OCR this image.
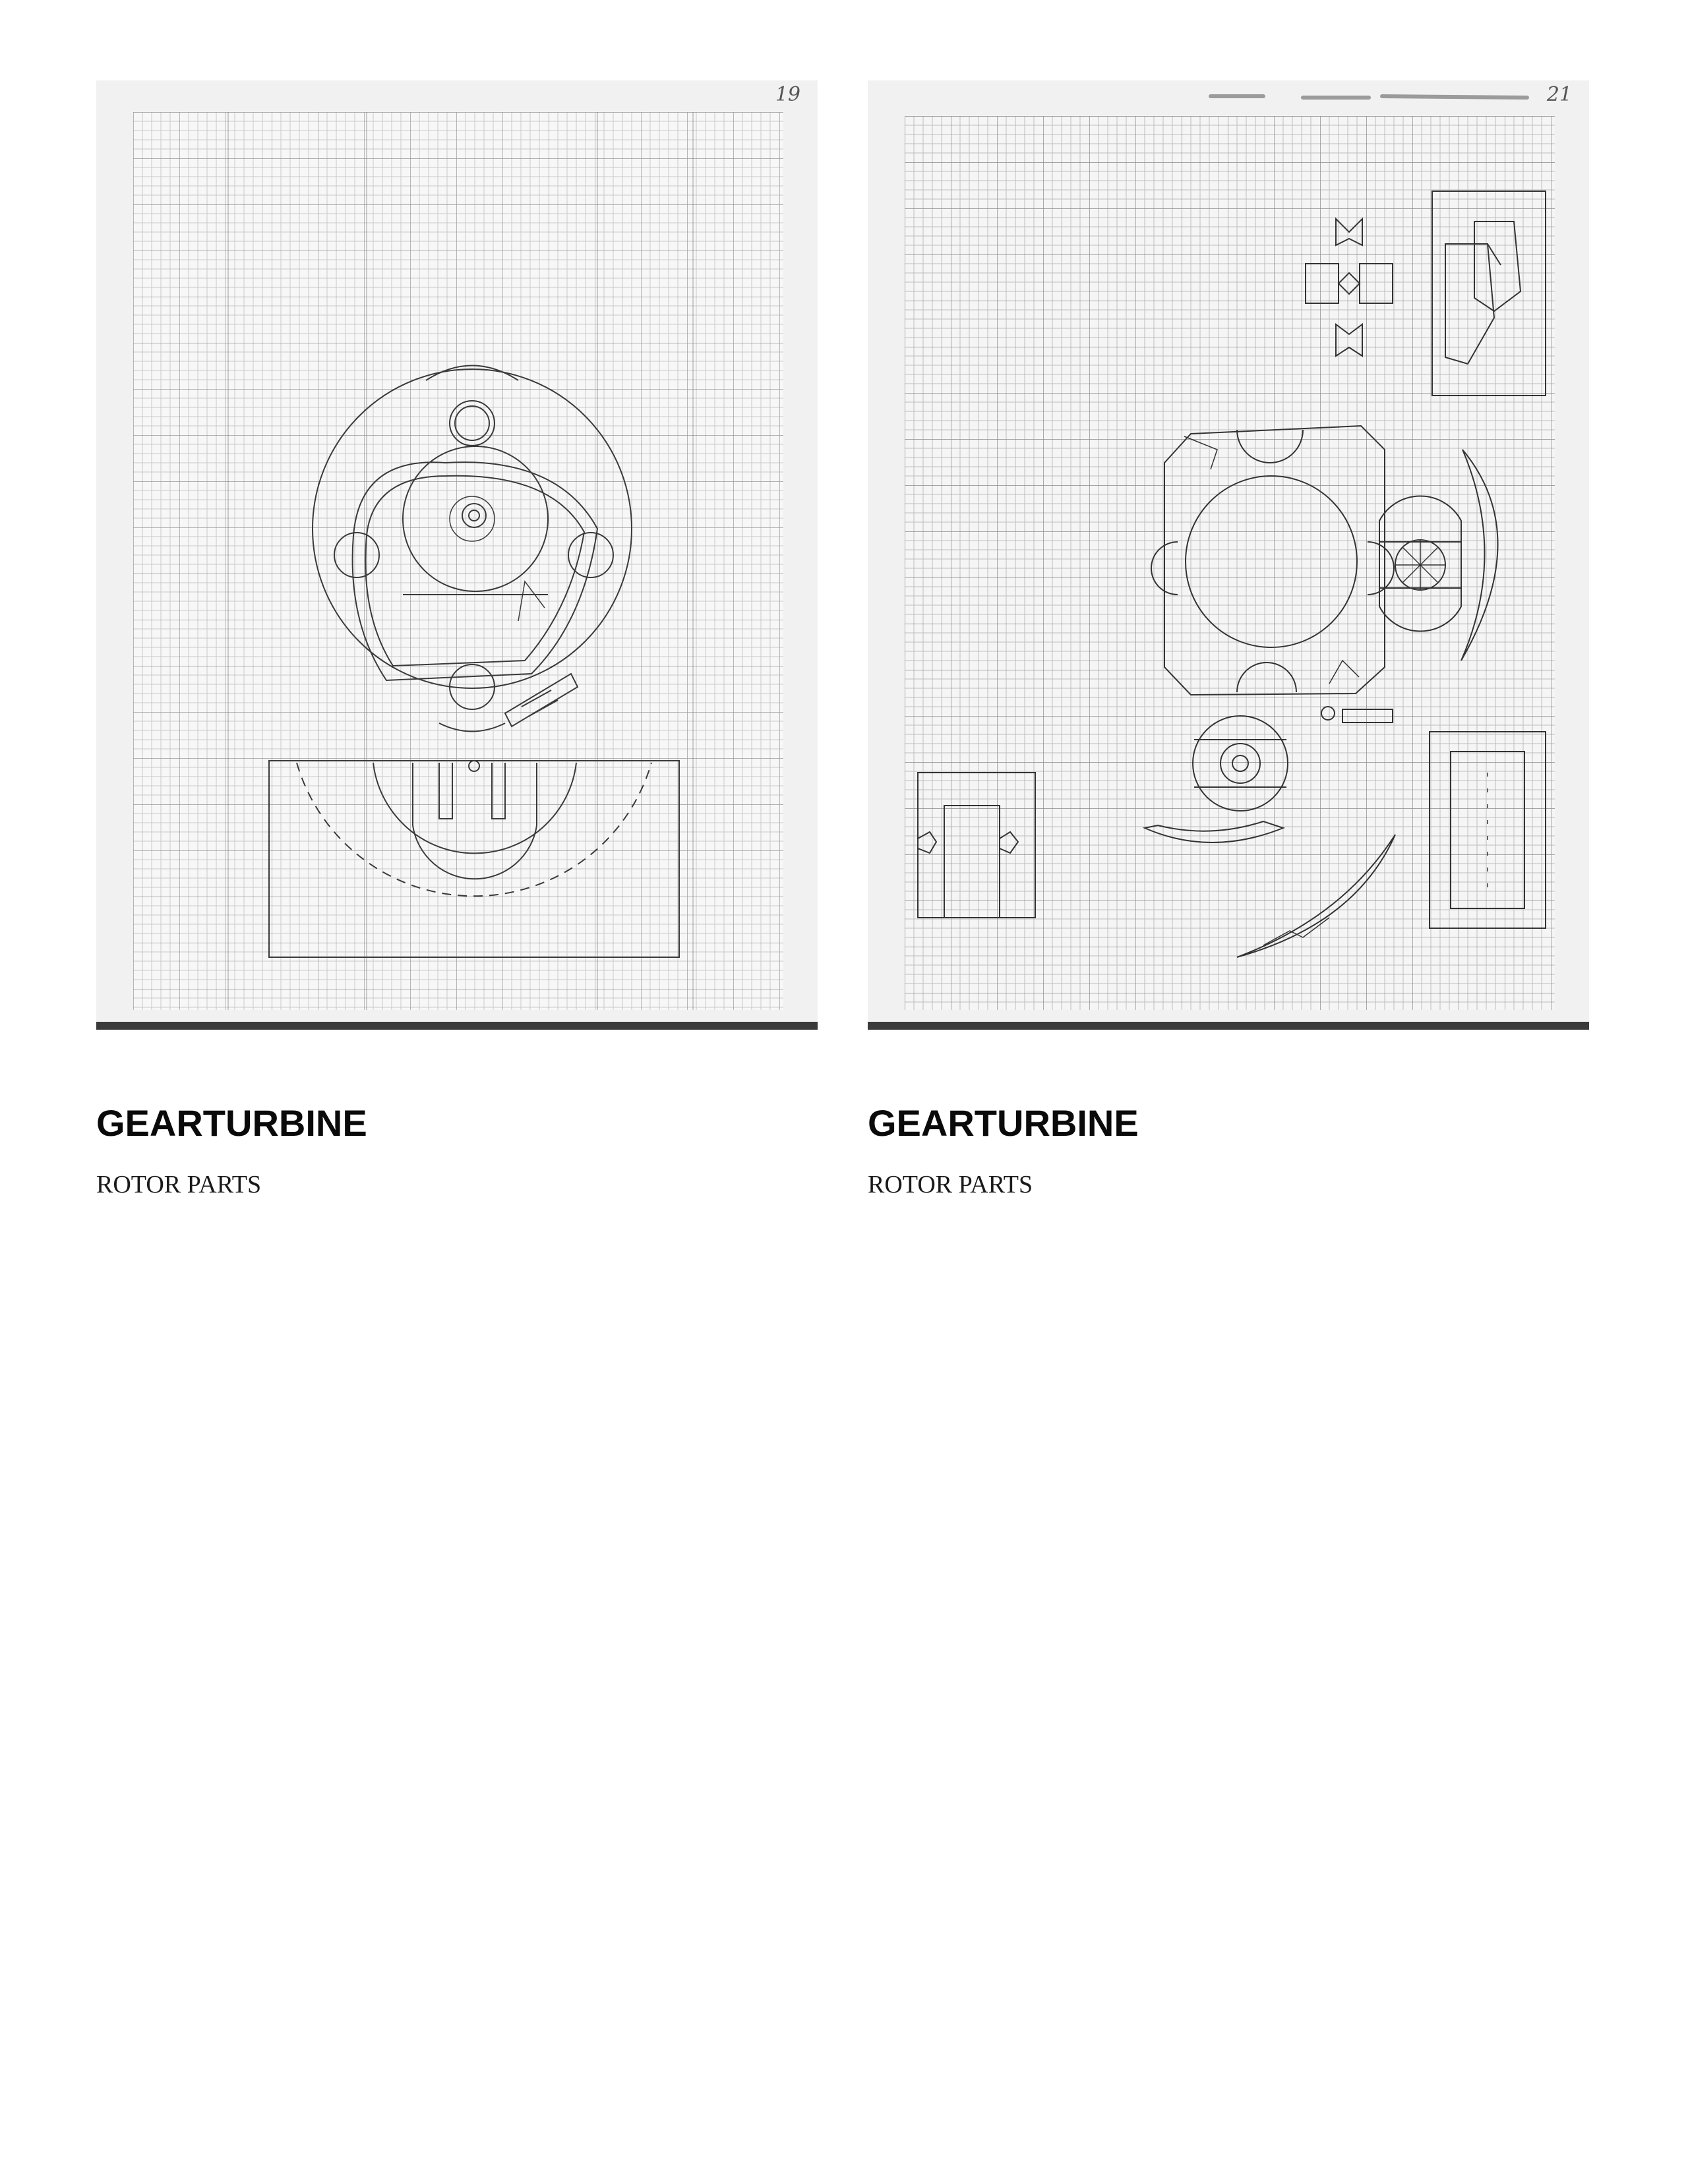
19
GEARTURBINE
ROTOR PARTS
21
GEARTURBINE
ROTOR PARTS
